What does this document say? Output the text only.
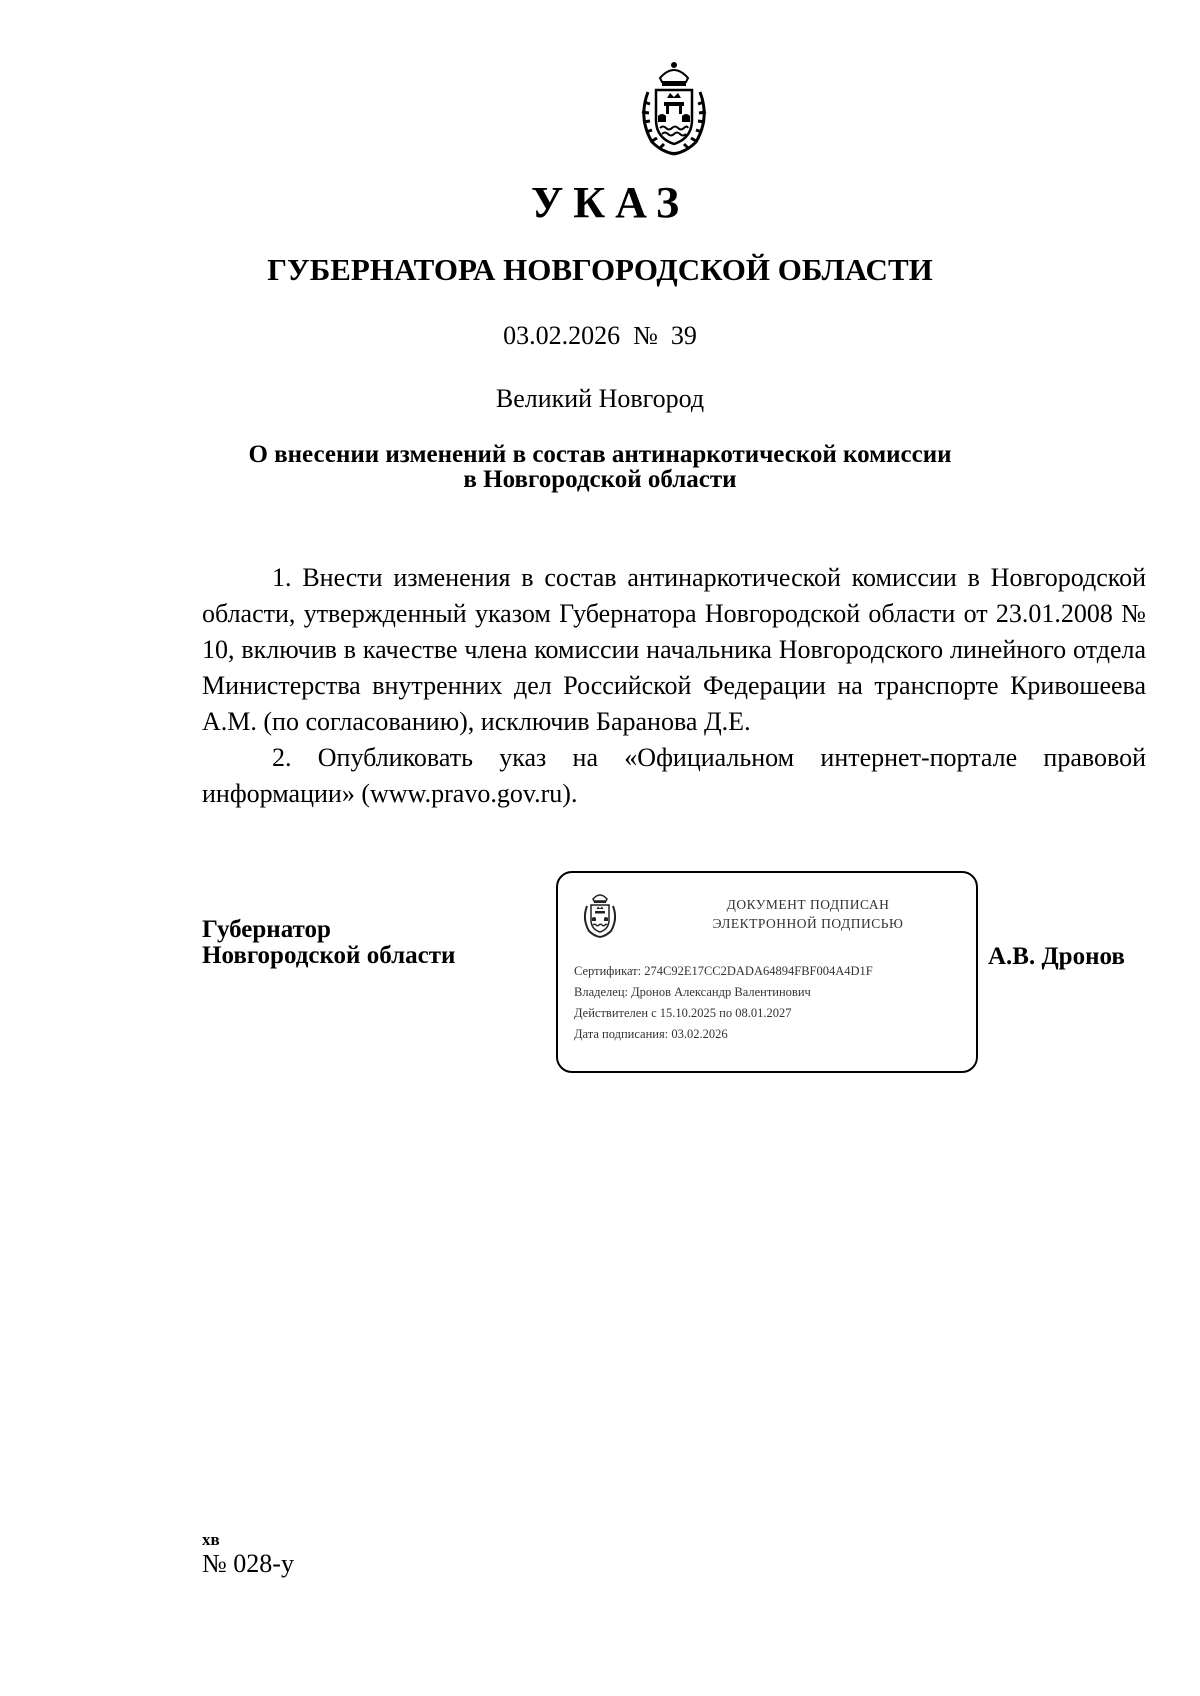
УКАЗ
ГУБЕРНАТОРА НОВГОРОДСКОЙ ОБЛАСТИ
03.02.2026 № 39
Великий Новгород
О внесении изменений в состав антинаркотической комиссии
в Новгородской области

1. Внести изменения в состав антинаркотической комиссии в Новгородской области, утвержденный указом Губернатора Новгородской области от 23.01.2008 № 10, включив в качестве члена комиссии начальника Новгородского линейного отдела Министерства внутренних дел Российской Федерации на транспорте Кривошеева А.М. (по согласованию), исключив Баранова Д.Е.

2. Опубликовать указ на «Официальном интернет-портале правовой информации» (www.pravo.gov.ru).

Губернатор
Новгородской области
ДОКУМЕНТ ПОДПИСАН
ЭЛЕКТРОННОЙ ПОДПИСЬЮ
Сертификат: 274C92E17CC2DADA64894FBF004A4D1F
Владелец: Дронов Александр Валентинович
Действителен с 15.10.2025 по 08.01.2027
Дата подписания: 03.02.2026
А.В. Дронов
хв
№ 028-у
